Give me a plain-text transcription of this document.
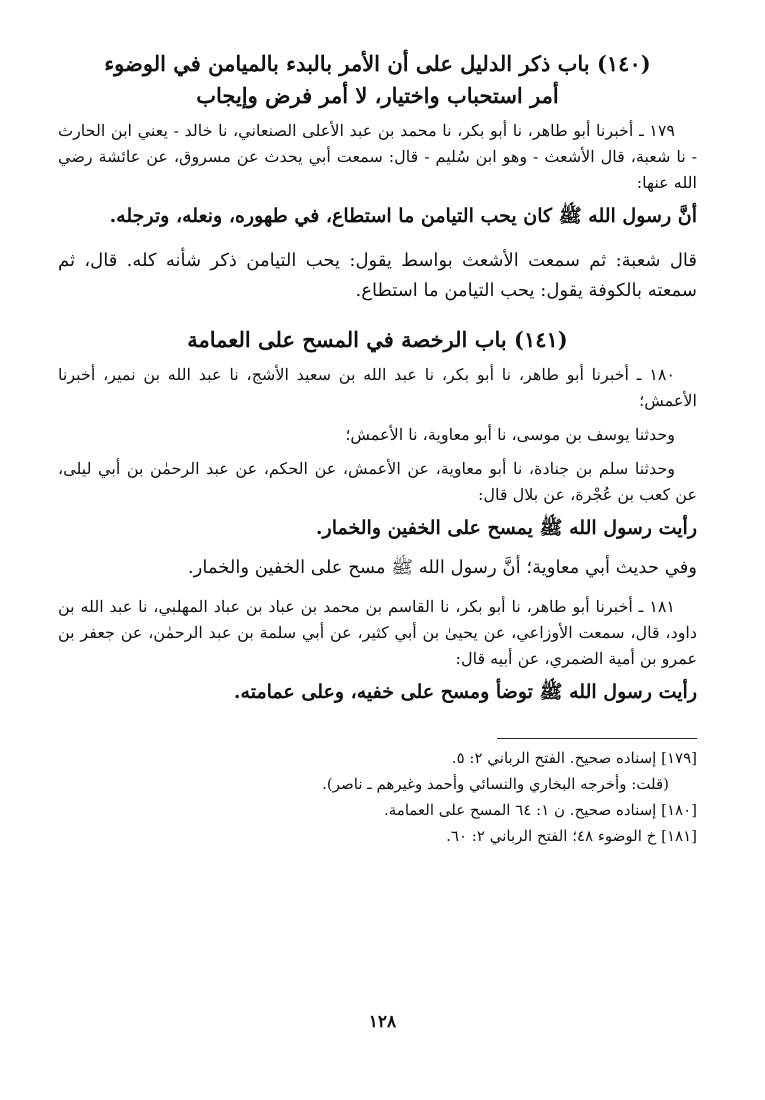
(١٤٠) باب ذكر الدليل على أن الأمر بالبدء بالميامن في الوضوء
أمر استحباب واختيار، لا أمر فرض وإيجاب

١٧٩ ـ أخبرنا أبو طاهر، نا أبو بكر، نا محمد بن عبد الأعلى الصنعاني، نا خالد - يعني ابن الحارث - نا شعبة، قال الأشعث - وهو ابن سُليم - قال: سمعت أبي يحدث عن مسروق، عن عائشة رضي الله عنها:

أنَّ رسول الله ﷺ كان يحب التيامن ما استطاع، في طهوره، ونعله، وترجله.

قال شعبة: ثم سمعت الأشعث بواسط يقول: يحب التيامن ذكر شأنه كله. قال، ثم سمعته بالكوفة يقول: يحب التيامن ما استطاع.

(١٤١) باب الرخصة في المسح على العمامة

١٨٠ ـ أخبرنا أبو طاهر، نا أبو بكر، نا عبد الله بن سعيد الأشج، نا عبد الله بن نمير، أخبرنا الأعمش؛

وحدثنا يوسف بن موسى، نا أبو معاوية، نا الأعمش؛

وحدثنا سلم بن جنادة، نا أبو معاوية، عن الأعمش، عن الحكم، عن عبد الرحمٰن بن أبي ليلى، عن كعب بن عُجْرة، عن بلال قال:

رأيت رسول الله ﷺ يمسح على الخفين والخمار.

وفي حديث أبي معاوية؛ أنَّ رسول الله ﷺ مسح على الخفين والخمار.

١٨١ ـ أخبرنا أبو طاهر، نا أبو بكر، نا القاسم بن محمد بن عباد بن عباد المهلبي، نا عبد الله بن داود، قال، سمعت الأوزاعي، عن يحيىٰ بن أبي كثير، عن أبي سلمة بن عبد الرحمٰن، عن جعفر بن عمرو بن أمية الضمري، عن أبيه قال:

رأيت رسول الله ﷺ توضأ ومسح على خفيه، وعلى عمامته.

[١٧٩] إسناده صحيح. الفتح الرباني ٢: ٥.

(قلت: وأخرجه البخاري والنسائي وأحمد وغيرهم ـ ناصر).

[١٨٠] إسناده صحيح. ن ١: ٦٤ المسح على العمامة.

[١٨١] خ الوضوء ٤٨؛ الفتح الرباني ٢: ٦٠.

١٢٨
